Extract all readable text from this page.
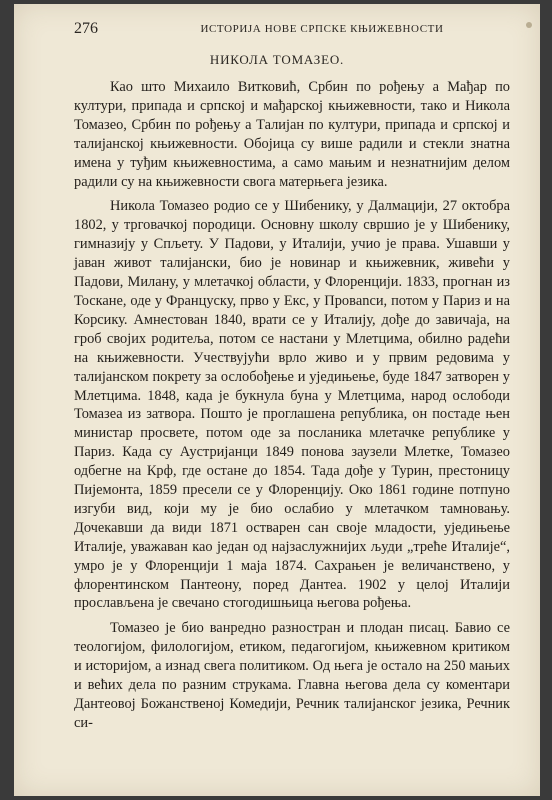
276	ИСТОРИЈА НОВЕ СРПСКЕ КЊИЖЕВНОСТИ
НИКОЛА ТОМАЗЕО.

Као што Михаило Витковић, Србин по рођењу а Мађар по култури, припада и српској и мађарској књижевности, тако и Никола Томазео, Србин по рођењу а Талијан по култури, припада и српској и талијанској књижевности. Обојица су више радили и стекли знатна имена у туђим књижевностима, а само мањим и незнатнијим делом радили су на књижевности свога матерњега језика.

Никола Томазео родио се у Шибенику, у Далмацији, 27 октобра 1802, у трговачкој породици. Основну школу свршио је у Шибенику, гимназију у Спљету. У Падови, у Италији, учио је права. Ушавши у јаван живот талијански, био је новинар и књижевник, живећи у Падови, Милану, у млетачкој области, у Флоренцији. 1833, прогнан из Тоскане, оде у Француску, прво у Екс, у Провanси, потом у Париз и на Корсику. Амнестован 1840, врати се у Италију, дође до завичаја, на гроб својих родитеља, потом се настани у Млетцима, обилно радећи на књижевности. Учествујући врло живо и у првим редовима у талијанском покрету за ослобођење и уједињење, буде 1847 затворен у Млетцима. 1848, када је букнула буна у Млетцима, народ ослободи Томазеа из затвора. Пошто је проглашена република, он постаде њен министар просвете, потом оде за посланика млетачке републике у Париз. Када су Аустријанци 1849 понова заузели Млетке, Томазео одбегне на Крф, где остане до 1854. Тада дође у Турин, престоницу Пијемонта, 1859 пресели се у Флоренцију. Око 1861 године потпуно изгуби вид, који му је био ослабио у млетачком тамновању. Дочекавши да види 1871 остварен сан своје младости, уједињење Италије, уважаван као један од најзаслужнијих људи „треће Италије“, умро је у Флоренцији 1 маја 1874. Сахрањен је величанствено, у флорентинском Пантеону, поред Дантеа. 1902 у целој Италији прослављена је свечано стогодишњица његова рођења.

Томазео је био ванредно разностран и плодан писац. Бавио се теологијом, филологијом, етиком, педагогијом, књижевном критиком и историјом, а изнад свега политиком. Од њега је остало на 250 мањих и већих дела по разним струкама. Главна његова дела су коментари Дантеовој Божанственој Комедији, Речник талијанског језика, Речник си-
